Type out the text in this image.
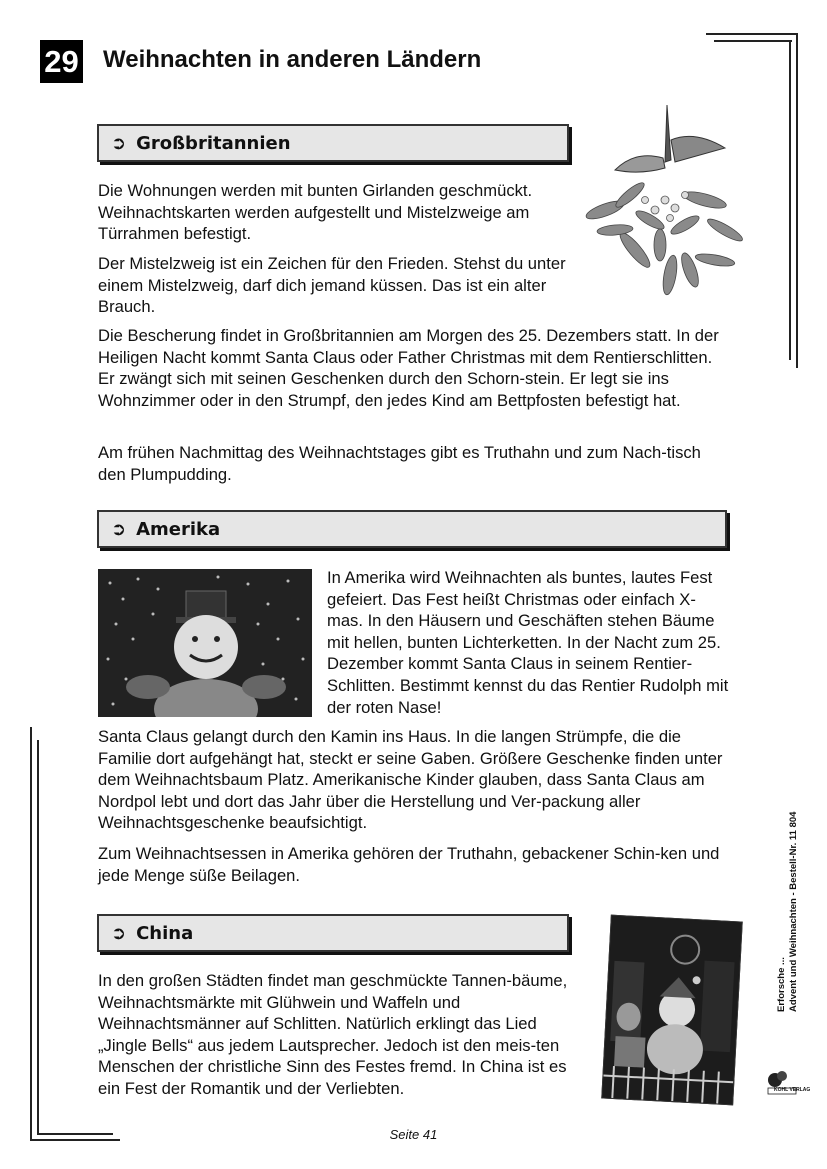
29 Weihnachten in anderen Ländern
➲ Großbritannien

Die Wohnungen werden mit bunten Girlanden geschmückt. Weihnachtskarten werden aufgestellt und Mistelzweige am Türrahmen befestigt.

Der Mistelzweig ist ein Zeichen für den Frieden. Stehst du unter einem Mistelzweig, darf dich jemand küssen. Das ist ein alter Brauch.

Die Bescherung findet in Großbritannien am Morgen des 25. Dezembers statt. In der Heiligen Nacht kommt Santa Claus oder Father Christmas mit dem Rentierschlitten. Er zwängt sich mit seinen Geschenken durch den Schorn-stein. Er legt sie ins Wohnzimmer oder in den Strumpf, den jedes Kind am Bettpfosten befestigt hat.

Am frühen Nachmittag des Weihnachtstages gibt es Truthahn und zum Nach-tisch den Plumpudding.

➲ Amerika

In Amerika wird Weihnachten als buntes, lautes Fest gefeiert. Das Fest heißt Christmas oder einfach X-mas. In den Häusern und Geschäften stehen Bäume mit hellen, bunten Lichterketten. In der Nacht zum 25. Dezember kommt Santa Claus in seinem Rentier-Schlitten. Bestimmt kennst du das Rentier Rudolph mit der roten Nase!

Santa Claus gelangt durch den Kamin ins Haus. In die langen Strümpfe, die die Familie dort aufgehängt hat, steckt er seine Gaben. Größere Geschenke finden unter dem Weihnachtsbaum Platz. Amerikanische Kinder glauben, dass Santa Claus am Nordpol lebt und dort das Jahr über die Herstellung und Ver-packung aller Weihnachtsgeschenke beaufsichtigt.

Zum Weihnachtsessen in Amerika gehören der Truthahn, gebackener Schin-ken und jede Menge süße Beilagen.

➲ China

In den großen Städten findet man geschmückte Tannen-bäume, Weihnachtsmärkte mit Glühwein und Waffeln und Weihnachtsmänner auf Schlitten. Natürlich erklingt das Lied „Jingle Bells“ aus jedem Lautsprecher. Jedoch ist den meis-ten Menschen der christliche Sinn des Festes fremd. In China ist es ein Fest der Romantik und der Verliebten.

Erforsche ... Advent und Weihnachten - Bestell-Nr. 11 804
KOHL VERLAG
Seite 41
